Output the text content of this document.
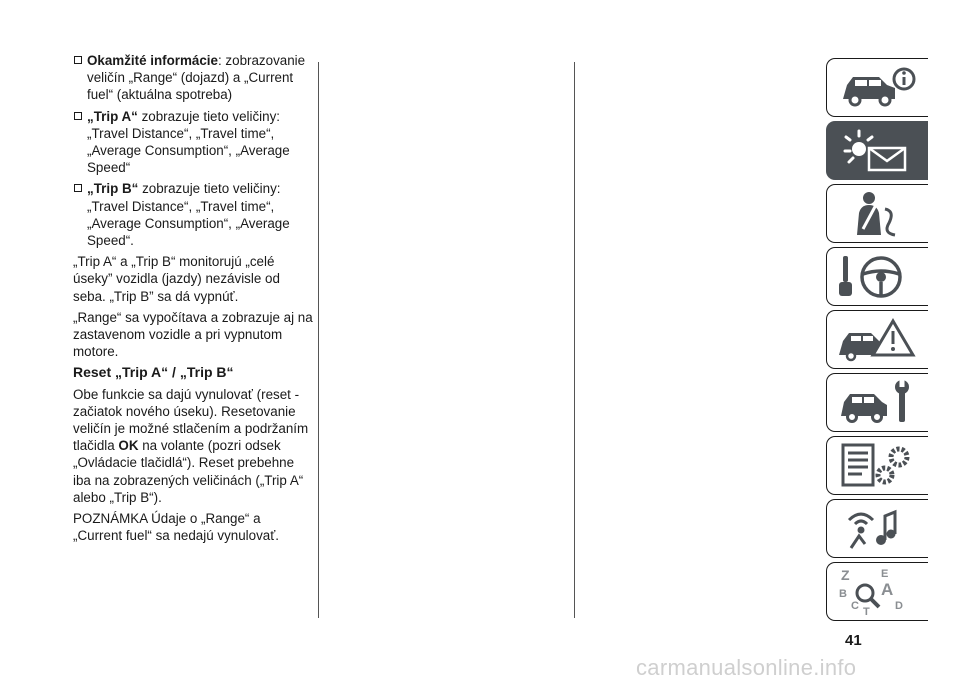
Okamžité informácie: zobrazovanie veličín „Range“ (dojazd) a „Current fuel“ (aktuálna spotreba)

„Trip A“ zobrazuje tieto veličiny: „Travel Distance“, „Travel time“, „Average Consumption“, „Average Speed“

„Trip B“ zobrazuje tieto veličiny: „Travel Distance“, „Travel time“, „Average Consumption“, „Average Speed“.

„Trip A“ a „Trip B“ monitorujú „celé úseky” vozidla (jazdy) nezávisle od seba. „Trip B” sa dá vypnúť.

„Range“ sa vypočítava a zobrazuje aj na zastavenom vozidle a pri vypnutom motore.

Reset „Trip A“ / „Trip B“

Obe funkcie sa dajú vynulovať (reset - začiatok nového úseku). Resetovanie veličín je možné stlačením a podržaním tlačidla OK na volante (pozri odsek „Ovládacie tlačidlá“). Reset prebehne iba na zobrazených veličinách („Trip A“ alebo „Trip B“).

POZNÁMKA Údaje o „Range“ a „Current fuel“ sa nedajú vynulovať.

Z	E
B A
C	D
T
41
carmanualsonline.info
